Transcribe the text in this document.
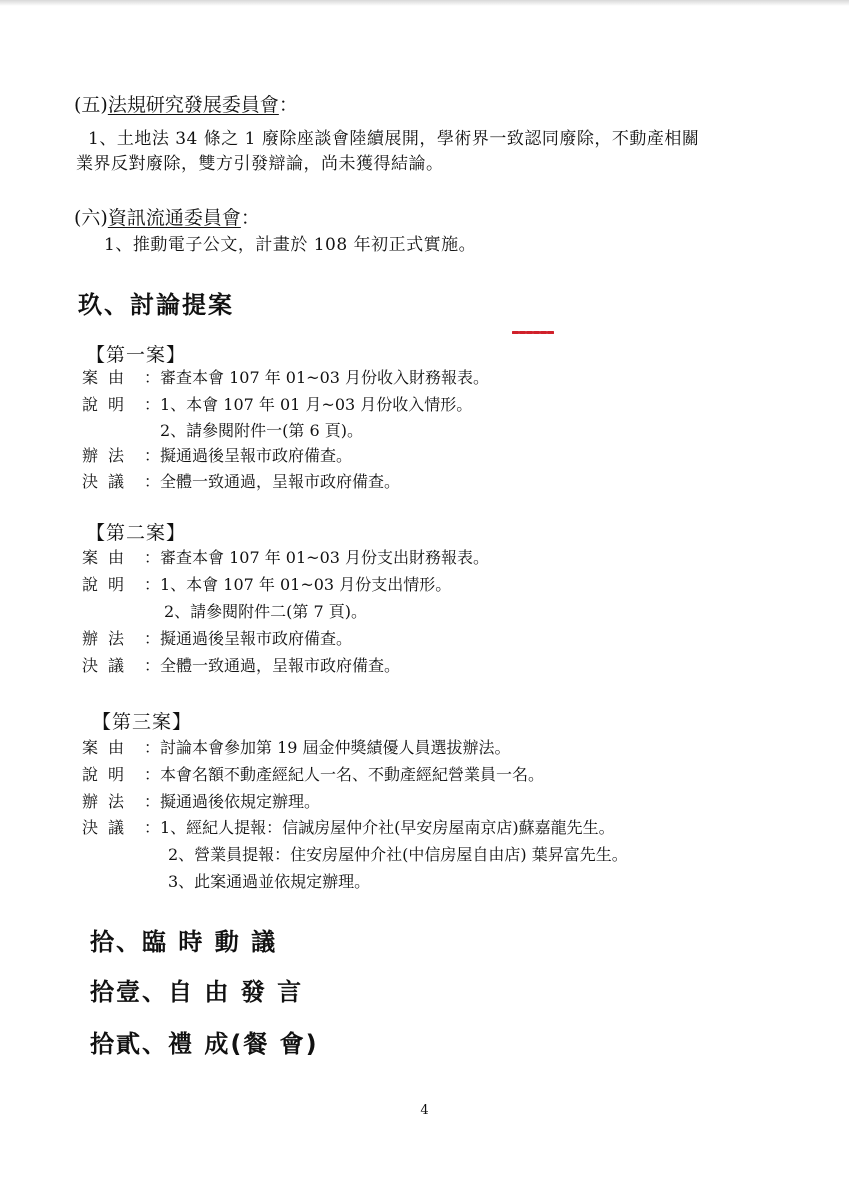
(五)法規研究發展委員會：
1、土地法 34 條之 1 廢除座談會陸續展開，學術界一致認同廢除，不動產相關
業界反對廢除，雙方引發辯論，尚未獲得結論。
(六)資訊流通委員會：
1、推動電子公文，計畫於 108 年初正式實施。
玖、討論提案
【第一案】
案由 ：審查本會 107 年 01~03 月份收入財務報表。
說明 ：1、本會 107 年 01 月~03 月份收入情形。
2、請參閱附件一(第 6 頁)。
辦法 ：擬通過後呈報市政府備查。
決議 ：全體一致通過，呈報市政府備查。
【第二案】
案由 ：審查本會 107 年 01~03 月份支出財務報表。
說明 ：1、本會 107 年 01~03 月份支出情形。
2、請參閱附件二(第 7 頁)。
辦法 ：擬通過後呈報市政府備查。
決議 ：全體一致通過，呈報市政府備查。
【第三案】
案由 ：討論本會參加第 19 屆金仲獎績優人員選拔辦法。
說明 ：本會名額不動產經紀人一名、不動產經紀營業員一名。
辦法 ：擬通過後依規定辦理。
決議 ：1、經紀人提報：信誠房屋仲介社(早安房屋南京店)蘇嘉龍先生。
2、營業員提報：住安房屋仲介社(中信房屋自由店) 葉昇富先生。
3、此案通過並依規定辦理。
拾、臨 時 動 議
拾壹、自 由 發 言
拾貳、禮 成(餐 會)
4
